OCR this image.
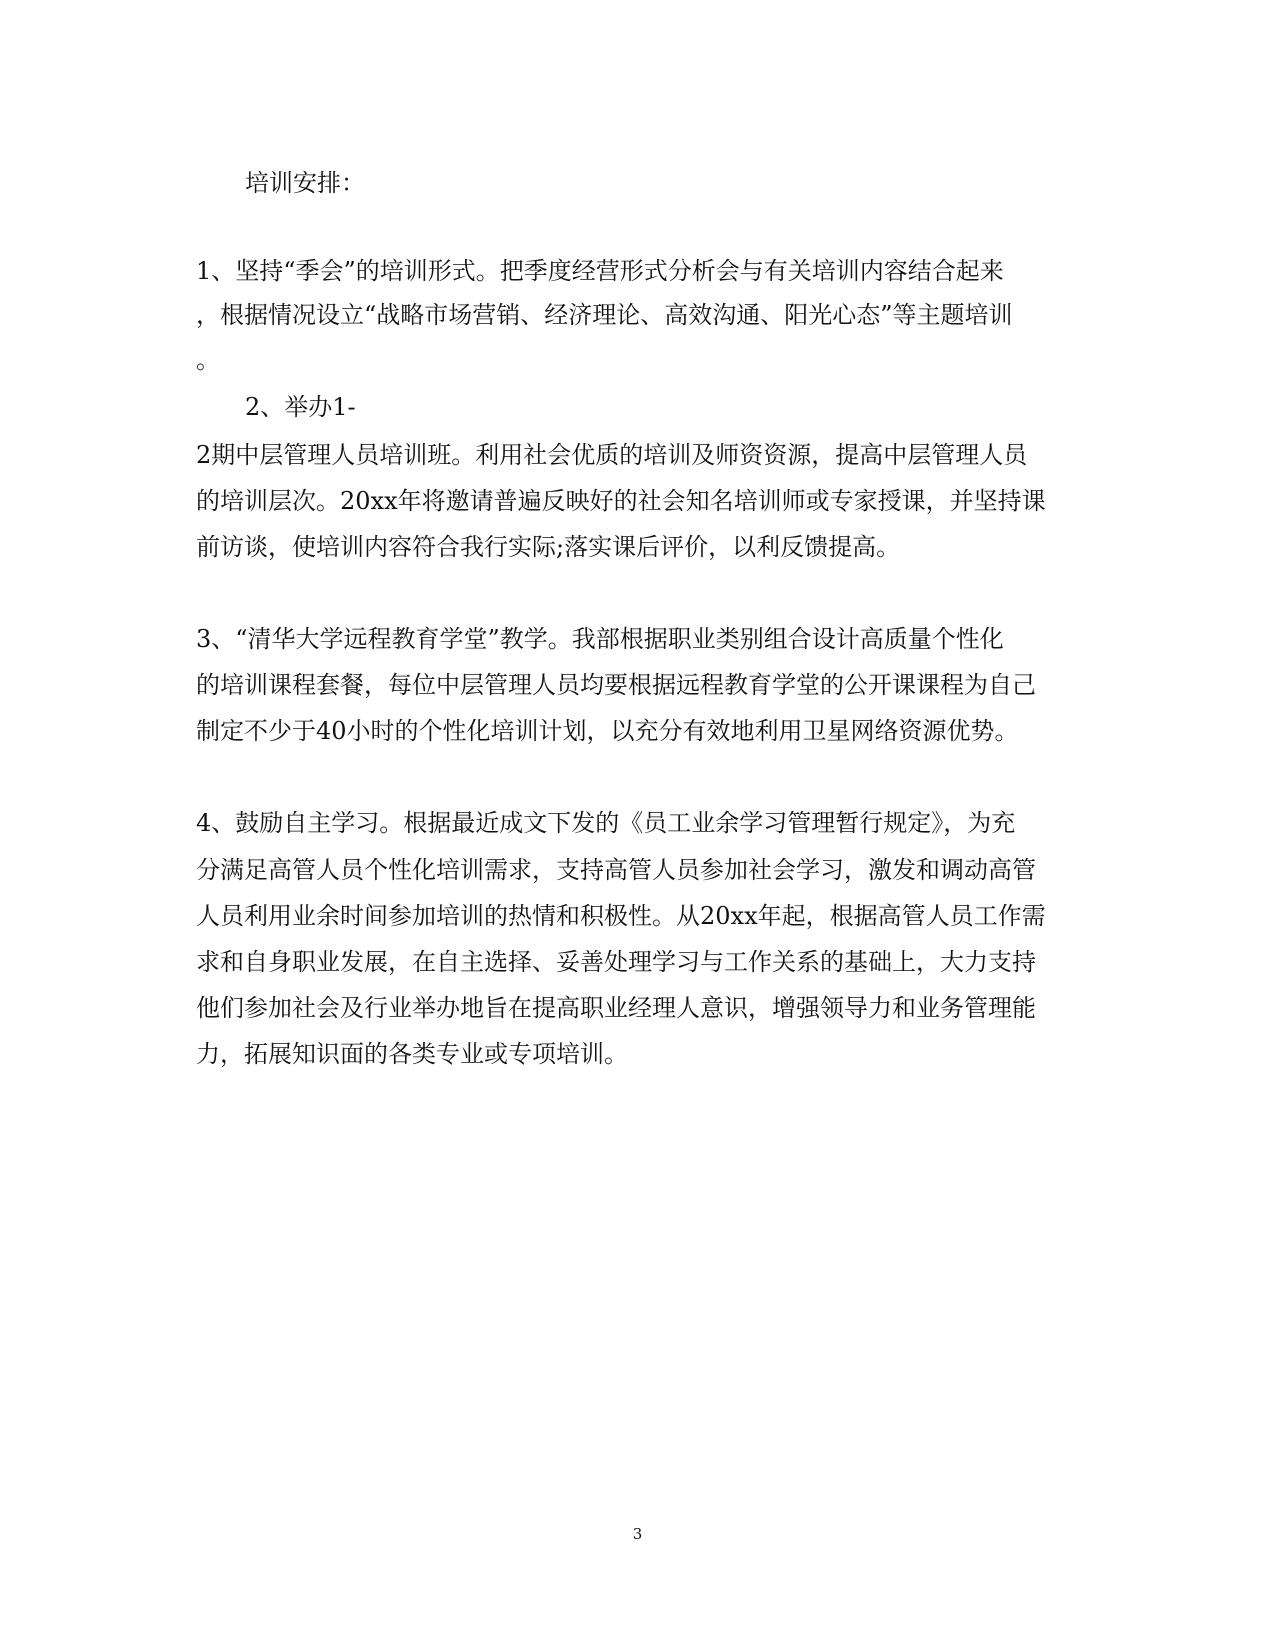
培训安排：
1、坚持“季会”的培训形式。把季度经营形式分析会与有关培训内容结合起来
，根据情况设立“战略市场营销、经济理论、高效沟通、阳光心态”等主题培训
。
2、举办1-
2期中层管理人员培训班。利用社会优质的培训及师资资源，提高中层管理人员
的培训层次。20xx年将邀请普遍反映好的社会知名培训师或专家授课，并坚持课
前访谈，使培训内容符合我行实际;落实课后评价，以利反馈提高。
3、“清华大学远程教育学堂”教学。我部根据职业类别组合设计高质量个性化
的培训课程套餐，每位中层管理人员均要根据远程教育学堂的公开课课程为自己
制定不少于40小时的个性化培训计划，以充分有效地利用卫星网络资源优势。
4、鼓励自主学习。根据最近成文下发的《员工业余学习管理暂行规定》，为充
分满足高管人员个性化培训需求，支持高管人员参加社会学习，激发和调动高管
人员利用业余时间参加培训的热情和积极性。从20xx年起，根据高管人员工作需
求和自身职业发展，在自主选择、妥善处理学习与工作关系的基础上，大力支持
他们参加社会及行业举办地旨在提高职业经理人意识，增强领导力和业务管理能
力，拓展知识面的各类专业或专项培训。
3
